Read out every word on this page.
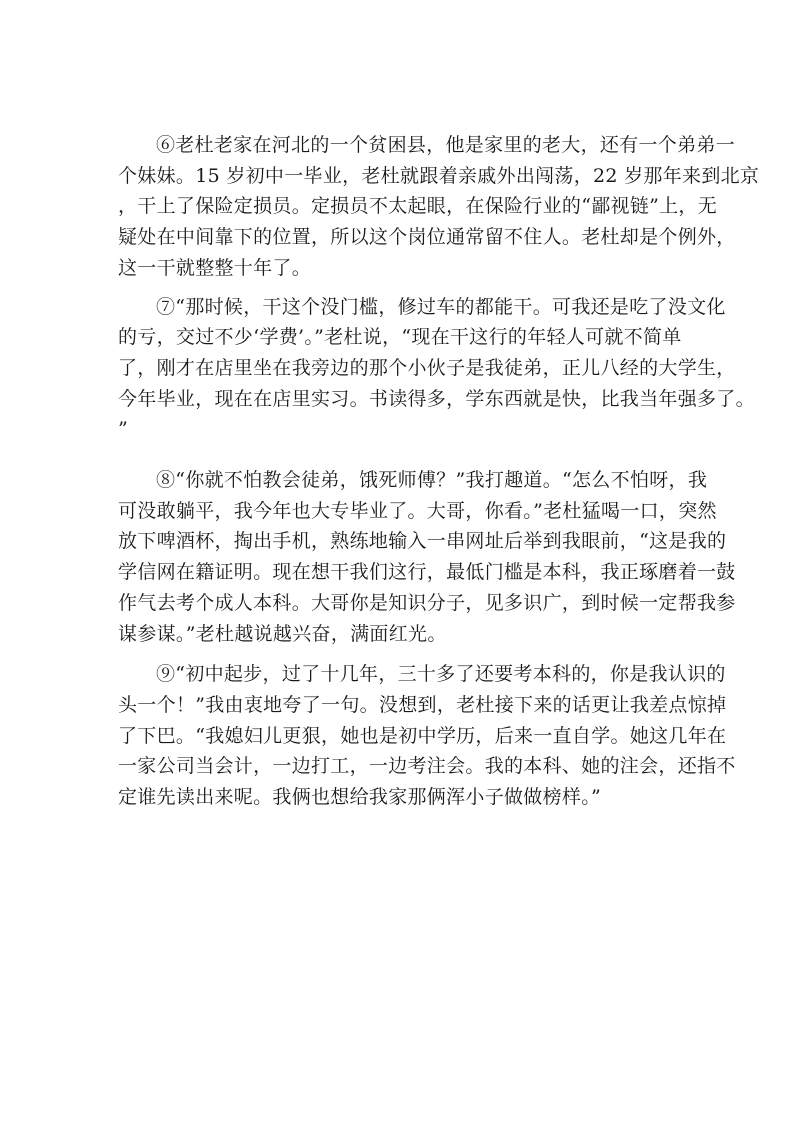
⑥老杜老家在河北的一个贫困县，他是家里的老大，还有一个弟弟一
个妹妹。15 岁初中一毕业，老杜就跟着亲戚外出闯荡，22 岁那年来到北京
，干上了保险定损员。定损员不太起眼，在保险行业的“鄙视链”上，无
疑处在中间靠下的位置，所以这个岗位通常留不住人。老杜却是个例外，
这一干就整整十年了。

⑦“那时候，干这个没门槛，修过车的都能干。可我还是吃了没文化
的亏，交过不少‘学费’。”老杜说，“现在干这行的年轻人可就不简单
了，刚才在店里坐在我旁边的那个小伙子是我徒弟，正儿八经的大学生，
今年毕业，现在在店里实习。书读得多，学东西就是快，比我当年强多了。
”

⑧“你就不怕教会徒弟，饿死师傅？”我打趣道。“怎么不怕呀，我
可没敢躺平，我今年也大专毕业了。大哥，你看。”老杜猛喝一口，突然
放下啤酒杯，掏出手机，熟练地输入一串网址后举到我眼前，“这是我的
学信网在籍证明。现在想干我们这行，最低门槛是本科，我正琢磨着一鼓
作气去考个成人本科。大哥你是知识分子，见多识广，到时候一定帮我参
谋参谋。”老杜越说越兴奋，满面红光。

⑨“初中起步，过了十几年，三十多了还要考本科的，你是我认识的
头一个！”我由衷地夸了一句。没想到，老杜接下来的话更让我差点惊掉
了下巴。“我媳妇儿更狠，她也是初中学历，后来一直自学。她这几年在
一家公司当会计，一边打工，一边考注会。我的本科、她的注会，还指不
定谁先读出来呢。我俩也想给我家那俩浑小子做做榜样。”
